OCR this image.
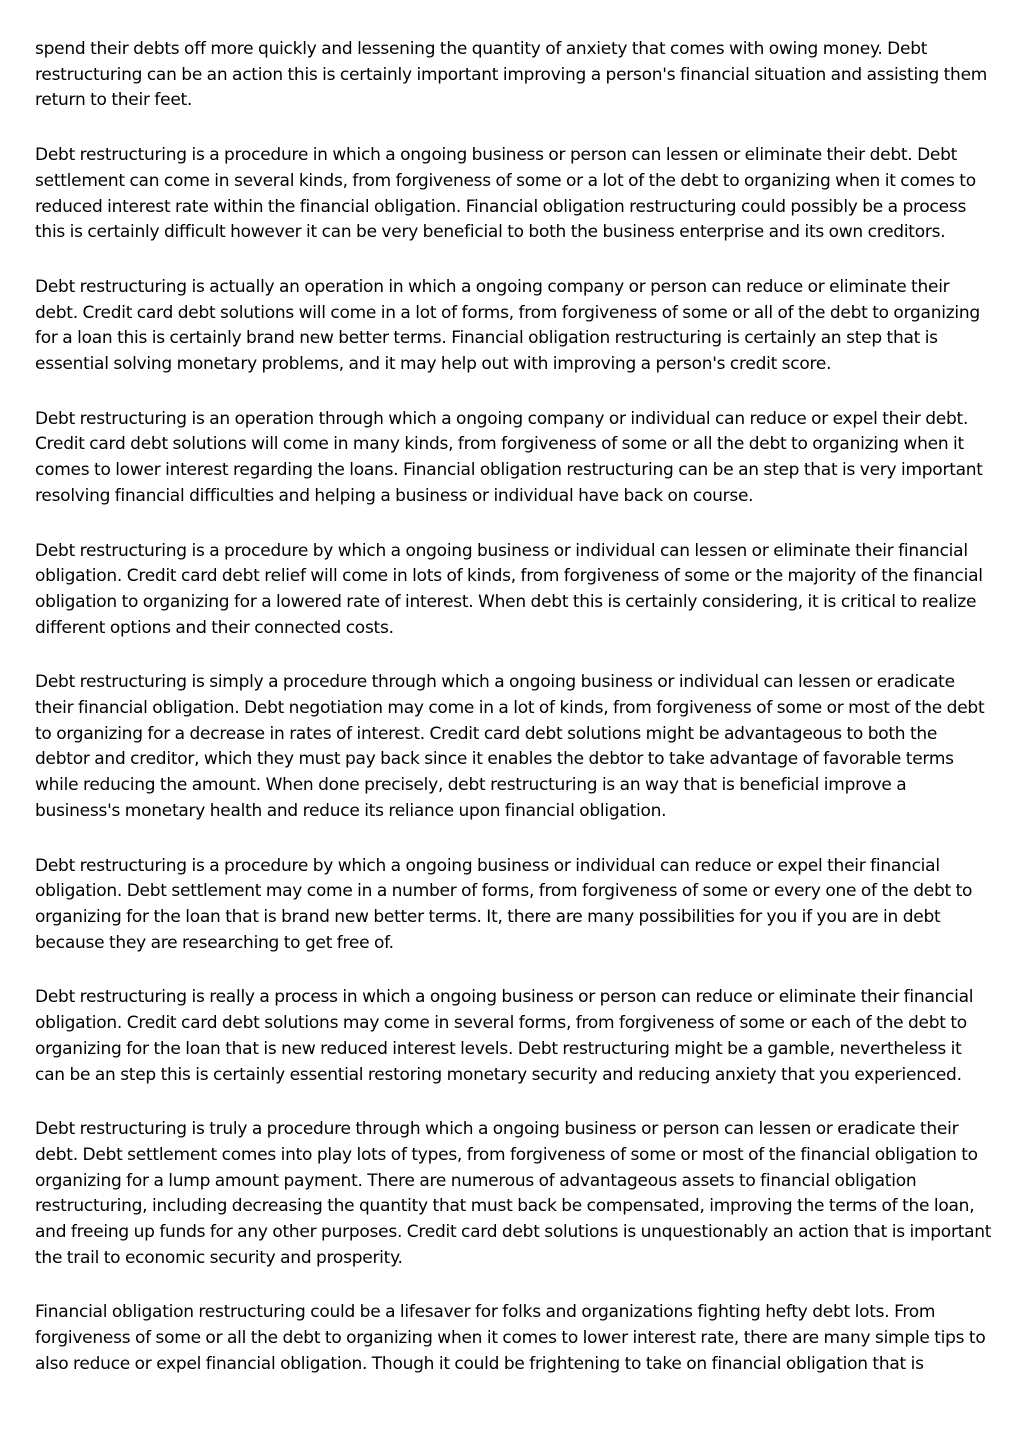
spend their debts off more quickly and lessening the quantity of anxiety that comes with owing money. Debt restructuring can be an action this is certainly important improving a person's financial situation and assisting them return to their feet.

Debt restructuring is a procedure in which a ongoing business or person can lessen or eliminate their debt. Debt settlement can come in several kinds, from forgiveness of some or a lot of the debt to organizing when it comes to reduced interest rate within the financial obligation. Financial obligation restructuring could possibly be a process this is certainly difficult however it can be very beneficial to both the business enterprise and its own creditors.

Debt restructuring is actually an operation in which a ongoing company or person can reduce or eliminate their debt. Credit card debt solutions will come in a lot of forms, from forgiveness of some or all of the debt to organizing for a loan this is certainly brand new better terms. Financial obligation restructuring is certainly an step that is essential solving monetary problems, and it may help out with improving a person's credit score.

Debt restructuring is an operation through which a ongoing company or individual can reduce or expel their debt. Credit card debt solutions will come in many kinds, from forgiveness of some or all the debt to organizing when it comes to lower interest regarding the loans. Financial obligation restructuring can be an step that is very important resolving financial difficulties and helping a business or individual have back on course.

Debt restructuring is a procedure by which a ongoing business or individual can lessen or eliminate their financial obligation. Credit card debt relief will come in lots of kinds, from forgiveness of some or the majority of the financial obligation to organizing for a lowered rate of interest. When debt this is certainly considering, it is critical to realize different options and their connected costs.

Debt restructuring is simply a procedure through which a ongoing business or individual can lessen or eradicate their financial obligation. Debt negotiation may come in a lot of kinds, from forgiveness of some or most of the debt to organizing for a decrease in rates of interest. Credit card debt solutions might be advantageous to both the debtor and creditor, which they must pay back since it enables the debtor to take advantage of favorable terms while reducing the amount. When done precisely, debt restructuring is an way that is beneficial improve a business's monetary health and reduce its reliance upon financial obligation.

Debt restructuring is a procedure by which a ongoing business or individual can reduce or expel their financial obligation. Debt settlement may come in a number of forms, from forgiveness of some or every one of the debt to organizing for the loan that is brand new better terms. It, there are many possibilities for you if you are in debt because they are researching to get free of.

Debt restructuring is really a process in which a ongoing business or person can reduce or eliminate their financial obligation. Credit card debt solutions may come in several forms, from forgiveness of some or each of the debt to organizing for the loan that is new reduced interest levels. Debt restructuring might be a gamble, nevertheless it can be an step this is certainly essential restoring monetary security and reducing anxiety that you experienced.

Debt restructuring is truly a procedure through which a ongoing business or person can lessen or eradicate their debt. Debt settlement comes into play lots of types, from forgiveness of some or most of the financial obligation to organizing for a lump amount payment. There are numerous of advantageous assets to financial obligation restructuring, including decreasing the quantity that must back be compensated, improving the terms of the loan, and freeing up funds for any other purposes. Credit card debt solutions is unquestionably an action that is important the trail to economic security and prosperity.

Financial obligation restructuring could be a lifesaver for folks and organizations fighting hefty debt lots. From forgiveness of some or all the debt to organizing when it comes to lower interest rate, there are many simple tips to also reduce or expel financial obligation. Though it could be frightening to take on financial obligation that is
